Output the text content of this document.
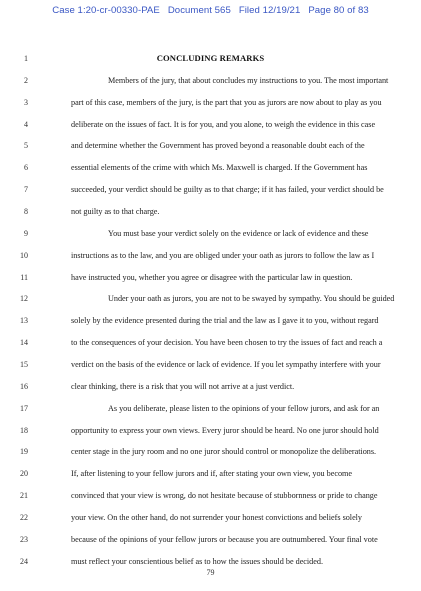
Case 1:20-cr-00330-PAE Document 565 Filed 12/19/21 Page 80 of 83
CONCLUDING REMARKS
1
2	Members of the jury, that about concludes my instructions to you. The most important
3	part of this case, members of the jury, is the part that you as jurors are now about to play as you
4	deliberate on the issues of fact. It is for you, and you alone, to weigh the evidence in this case
5	and determine whether the Government has proved beyond a reasonable doubt each of the
6	essential elements of the crime with which Ms. Maxwell is charged. If the Government has
7	succeeded, your verdict should be guilty as to that charge; if it has failed, your verdict should be
8	not guilty as to that charge.
9	You must base your verdict solely on the evidence or lack of evidence and these
10	instructions as to the law, and you are obliged under your oath as jurors to follow the law as I
11	have instructed you, whether you agree or disagree with the particular law in question.
12	Under your oath as jurors, you are not to be swayed by sympathy. You should be guided
13	solely by the evidence presented during the trial and the law as I gave it to you, without regard
14	to the consequences of your decision. You have been chosen to try the issues of fact and reach a
15	verdict on the basis of the evidence or lack of evidence. If you let sympathy interfere with your
16	clear thinking, there is a risk that you will not arrive at a just verdict.
17	As you deliberate, please listen to the opinions of your fellow jurors, and ask for an
18	opportunity to express your own views. Every juror should be heard. No one juror should hold
19	center stage in the jury room and no one juror should control or monopolize the deliberations.
20	If, after listening to your fellow jurors and if, after stating your own view, you become
21	convinced that your view is wrong, do not hesitate because of stubbornness or pride to change
22	your view. On the other hand, do not surrender your honest convictions and beliefs solely
23	because of the opinions of your fellow jurors or because you are outnumbered. Your final vote
24	must reflect your conscientious belief as to how the issues should be decided.
79
